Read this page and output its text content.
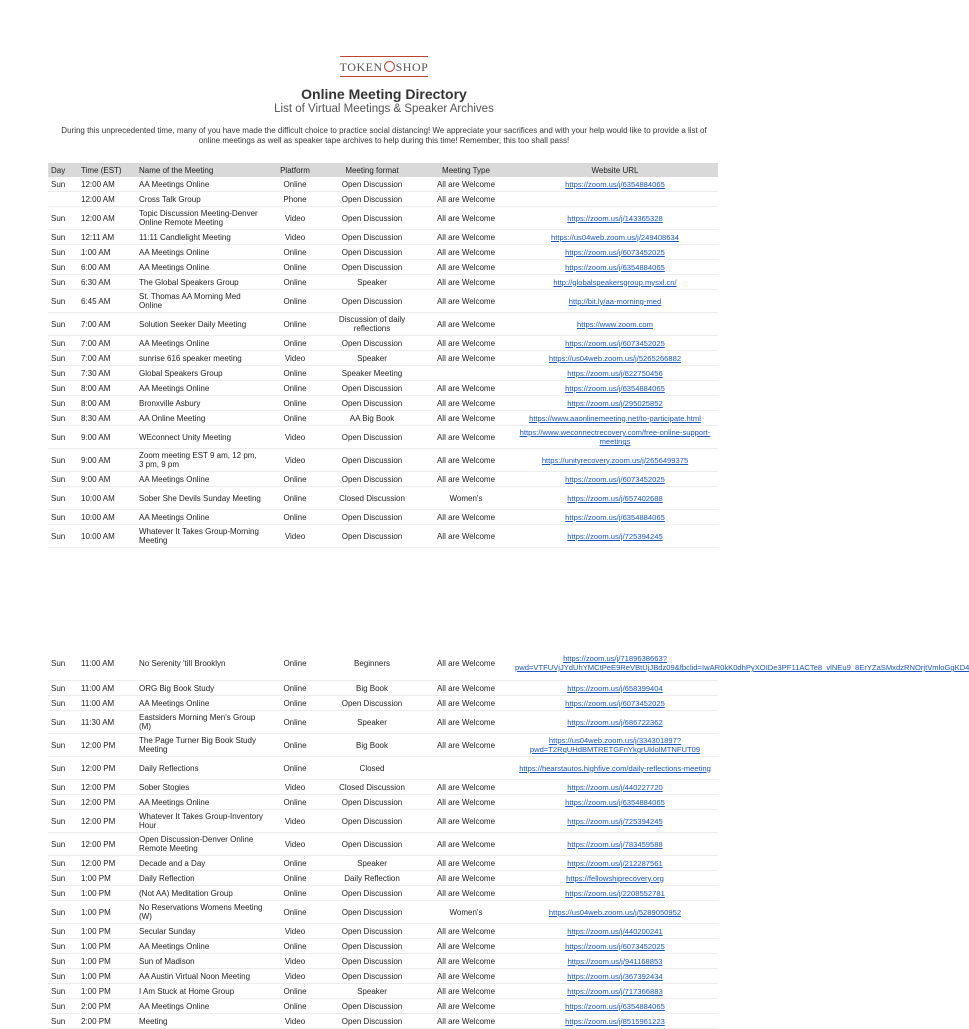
TOKEN SHOP
Online Meeting Directory
List of Virtual Meetings & Speaker Archives
During this unprecedented time, many of you have made the difficult choice to practice social distancing! We appreciate your sacrifices and with your help would like to provide a list of online meetings as well as speaker tape archives to help during this time! Remember, this too shall pass!
Day	Time (EST)	Name of the Meeting	Platform	Meeting format	Meeting Type	Website URL
Sun	12:00 AM	AA Meetings Online	Online	Open Discussion	All are Welcome	https://zoom.us/j/6354884065
	12:00 AM	Cross Talk Group	Phone	Open Discussion	All are Welcome	
Sun	12:00 AM	Topic Discussion Meeting-Denver Online Remote Meeting	Video	Open Discussion	All are Welcome	https://zoom.us/j/143365328
Sun	12:11 AM	11:11 Candlelight Meeting	Video	Open Discussion	All are Welcome	https://us04web.zoom.us/j/249408634
Sun	1:00 AM	AA Meetings Online	Online	Open Discussion	All are Welcome	https://zoom.us/j/6073452025
Sun	6:00 AM	AA Meetings Online	Online	Open Discussion	All are Welcome	https://zoom.us/j/6354884065
Sun	6:30 AM	The Global Speakers Group	Online	Speaker	All are Welcome	http://globalspeakersgroup.mysxl.cn/
Sun	6:45 AM	St. Thomas AA Morning Med Online	Online	Open Discussion	All are Welcome	http://bit.ly/aa-morning-med
Sun	7:00 AM	Solution Seeker Daily Meeting	Online	Discussion of daily reflections	All are Welcome	https://www.zoom.com
Sun	7:00 AM	AA Meetings Online	Online	Open Discussion	All are Welcome	https://zoom.us/j/6073452025
Sun	7:00 AM	sunrise 616 speaker meeting	Video	Speaker	All are Welcome	https://us04web.zoom.us/j/5265266882
Sun	7:30 AM	Global Speakers Group	Online	Speaker Meeting		https://zoom.us/j/622750456
Sun	8:00 AM	AA Meetings Online	Online	Open Discussion	All are Welcome	https://zoom.us/j/6354884065
Sun	8:00 AM	Bronxville Asbury	Online	Open Discussion	All are Welcome	https://zoom.us/j/295025852
Sun	8:30 AM	AA Online Meeting	Online	AA Big Book	All are Welcome	https://www.aaonlinemeeting.net/to-participate.html
Sun	9:00 AM	WEconnect Unity Meeting	Video	Open Discussion	All are Welcome	https://www.weconnectrecovery.com/free-online-support-meetings
Sun	9:00 AM	Zoom meeting EST 9 am, 12 pm, 3 pm, 9 pm	Video	Open Discussion	All are Welcome	https://unityrecovery.zoom.us/j/2656499375
Sun	9:00 AM	AA Meetings Online	Online	Open Discussion	All are Welcome	https://zoom.us/j/6073452025
Sun	10:00 AM	Sober She Devils Sunday Meeting	Online	Closed Discussion	Women's	https://zoom.us/j/657402688
Sun	10:00 AM	AA Meetings Online	Online	Open Discussion	All are Welcome	https://zoom.us/j/6354884065
Sun	10:00 AM	Whatever It Takes Group-Morning Meeting	Video	Open Discussion	All are Welcome	https://zoom.us/j/725394245
Sun	11:00 AM	No Serenity 'till Brooklyn	Online	Beginners	All are Welcome	https://zoom.us/j/7189638663?pwd=VTFUVjJYdUhYMCtPeE9ReVBtUjJBdz09&fbclid=IwAR0kK0dhPyXOIDe3PF11ACTe8_vlNEu9_8ErYZaSMxdzRNOrjtVmloGgKD4
Sun	11:00 AM	ORG Big Book Study	Online	Big Book	All are Welcome	https://zoom.us/j/658399404
Sun	11:00 AM	AA Meetings Online	Online	Open Discussion	All are Welcome	https://zoom.us/j/6073452025
Sun	11:30 AM	Eastsiders Morning Men's Group (M)	Online	Speaker	All are Welcome	https://zoom.us/j/686722362
Sun	12:00 PM	The Page Turner Big Book Study Meeting	Online	Big Book	All are Welcome	https://us04web.zoom.us/j/334301897?pwd=T2RqUHdBMTRETGFnYkgrUklolMTNFUT09
Sun	12:00 PM	Daily Reflections	Online	Closed		https://hearstautos.highfive.com/daily-reflections-meeting
Sun	12:00 PM	Sober Stogies	Video	Closed Discussion	All are Welcome	https://zoom.us/j/440227720
Sun	12:00 PM	AA Meetings Online	Online	Open Discussion	All are Welcome	https://zoom.us/j/6354884065
Sun	12:00 PM	Whatever It Takes Group-Inventory Hour	Video	Open Discussion	All are Welcome	https://zoom.us/j/725394245
Sun	12:00 PM	Open Discussion-Denver Online Remote Meeting	Video	Open Discussion	All are Welcome	https://zoom.us/j/783459588
Sun	12:00 PM	Decade and a Day	Online	Speaker	All are Welcome	https://zoom.us/j/212287561
Sun	1:00 PM	Daily Reflection	Online	Daily Reflection	All are Welcome	https://fellowshiprecovery.org
Sun	1:00 PM	(Not AA) Meditation Group	Online	Open Discussion	All are Welcome	https://zoom.us/j/2208552781
Sun	1:00 PM	No Reservations Womens Meeting (W)	Online	Open Discussion	Women's	https://us04web.zoom.us/j/5289050952
Sun	1:00 PM	Secular Sunday	Video	Open Discussion	All are Welcome	https://zoom.us/j/440200241
Sun	1:00 PM	AA Meetings Online	Online	Open Discussion	All are Welcome	https://zoom.us/j/6073452025
Sun	1:00 PM	Sun of Madison	Video	Open Discussion	All are Welcome	https://zoom.us/j/941168853
Sun	1:00 PM	AA Austin Virtual Noon Meeting	Video	Open Discussion	All are Welcome	https://zoom.us/j/367392434
Sun	1:00 PM	I Am Stuck at Home Group	Online	Speaker	All are Welcome	https://zoom.us/j/717366883
Sun	2:00 PM	AA Meetings Online	Online	Open Discussion	All are Welcome	https://zoom.us/j/6354884065
Sun	2:00 PM	Meeting	Video	Open Discussion	All are Welcome	https://zoom.us/j/8515961223
